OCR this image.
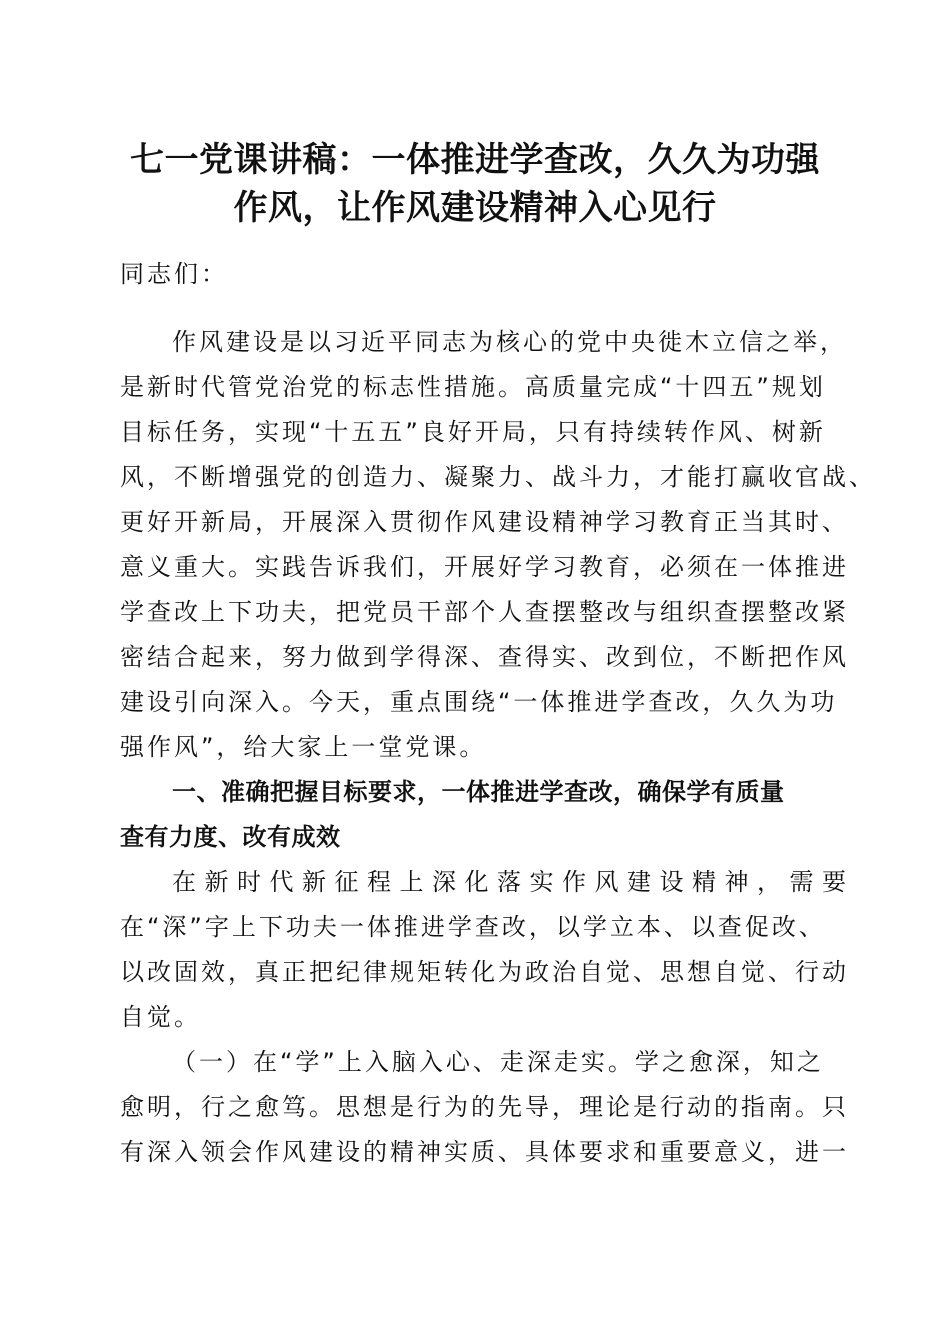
七一党课讲稿：一体推进学查改，久久为功强
作风，让作风建设精神入心见行

同志们：

作风建设是以习近平同志为核心的党中央徙木立信之举，

是新时代管党治党的标志性措施。高质量完成“十四五”规划

目标任务，实现“十五五”良好开局，只有持续转作风、树新

风，不断增强党的创造力、凝聚力、战斗力，才能打赢收官战、

更好开新局，开展深入贯彻作风建设精神学习教育正当其时、

意义重大。实践告诉我们，开展好学习教育，必须在一体推进

学查改上下功夫，把党员干部个人查摆整改与组织查摆整改紧

密结合起来，努力做到学得深、查得实、改到位，不断把作风

建设引向深入。今天，重点围绕“一体推进学查改，久久为功

强作风”，给大家上一堂党课。

一、准确把握目标要求，一体推进学查改，确保学有质量

查有力度、改有成效

在新时代新征程上深化落实作风建设精神，需要

在“深”字上下功夫一体推进学查改，以学立本、以查促改、

以改固效，真正把纪律规矩转化为政治自觉、思想自觉、行动

自觉。

（一）在“学”上入脑入心、走深走实。学之愈深，知之

愈明，行之愈笃。思想是行为的先导，理论是行动的指南。只

有深入领会作风建设的精神实质、具体要求和重要意义，进一
